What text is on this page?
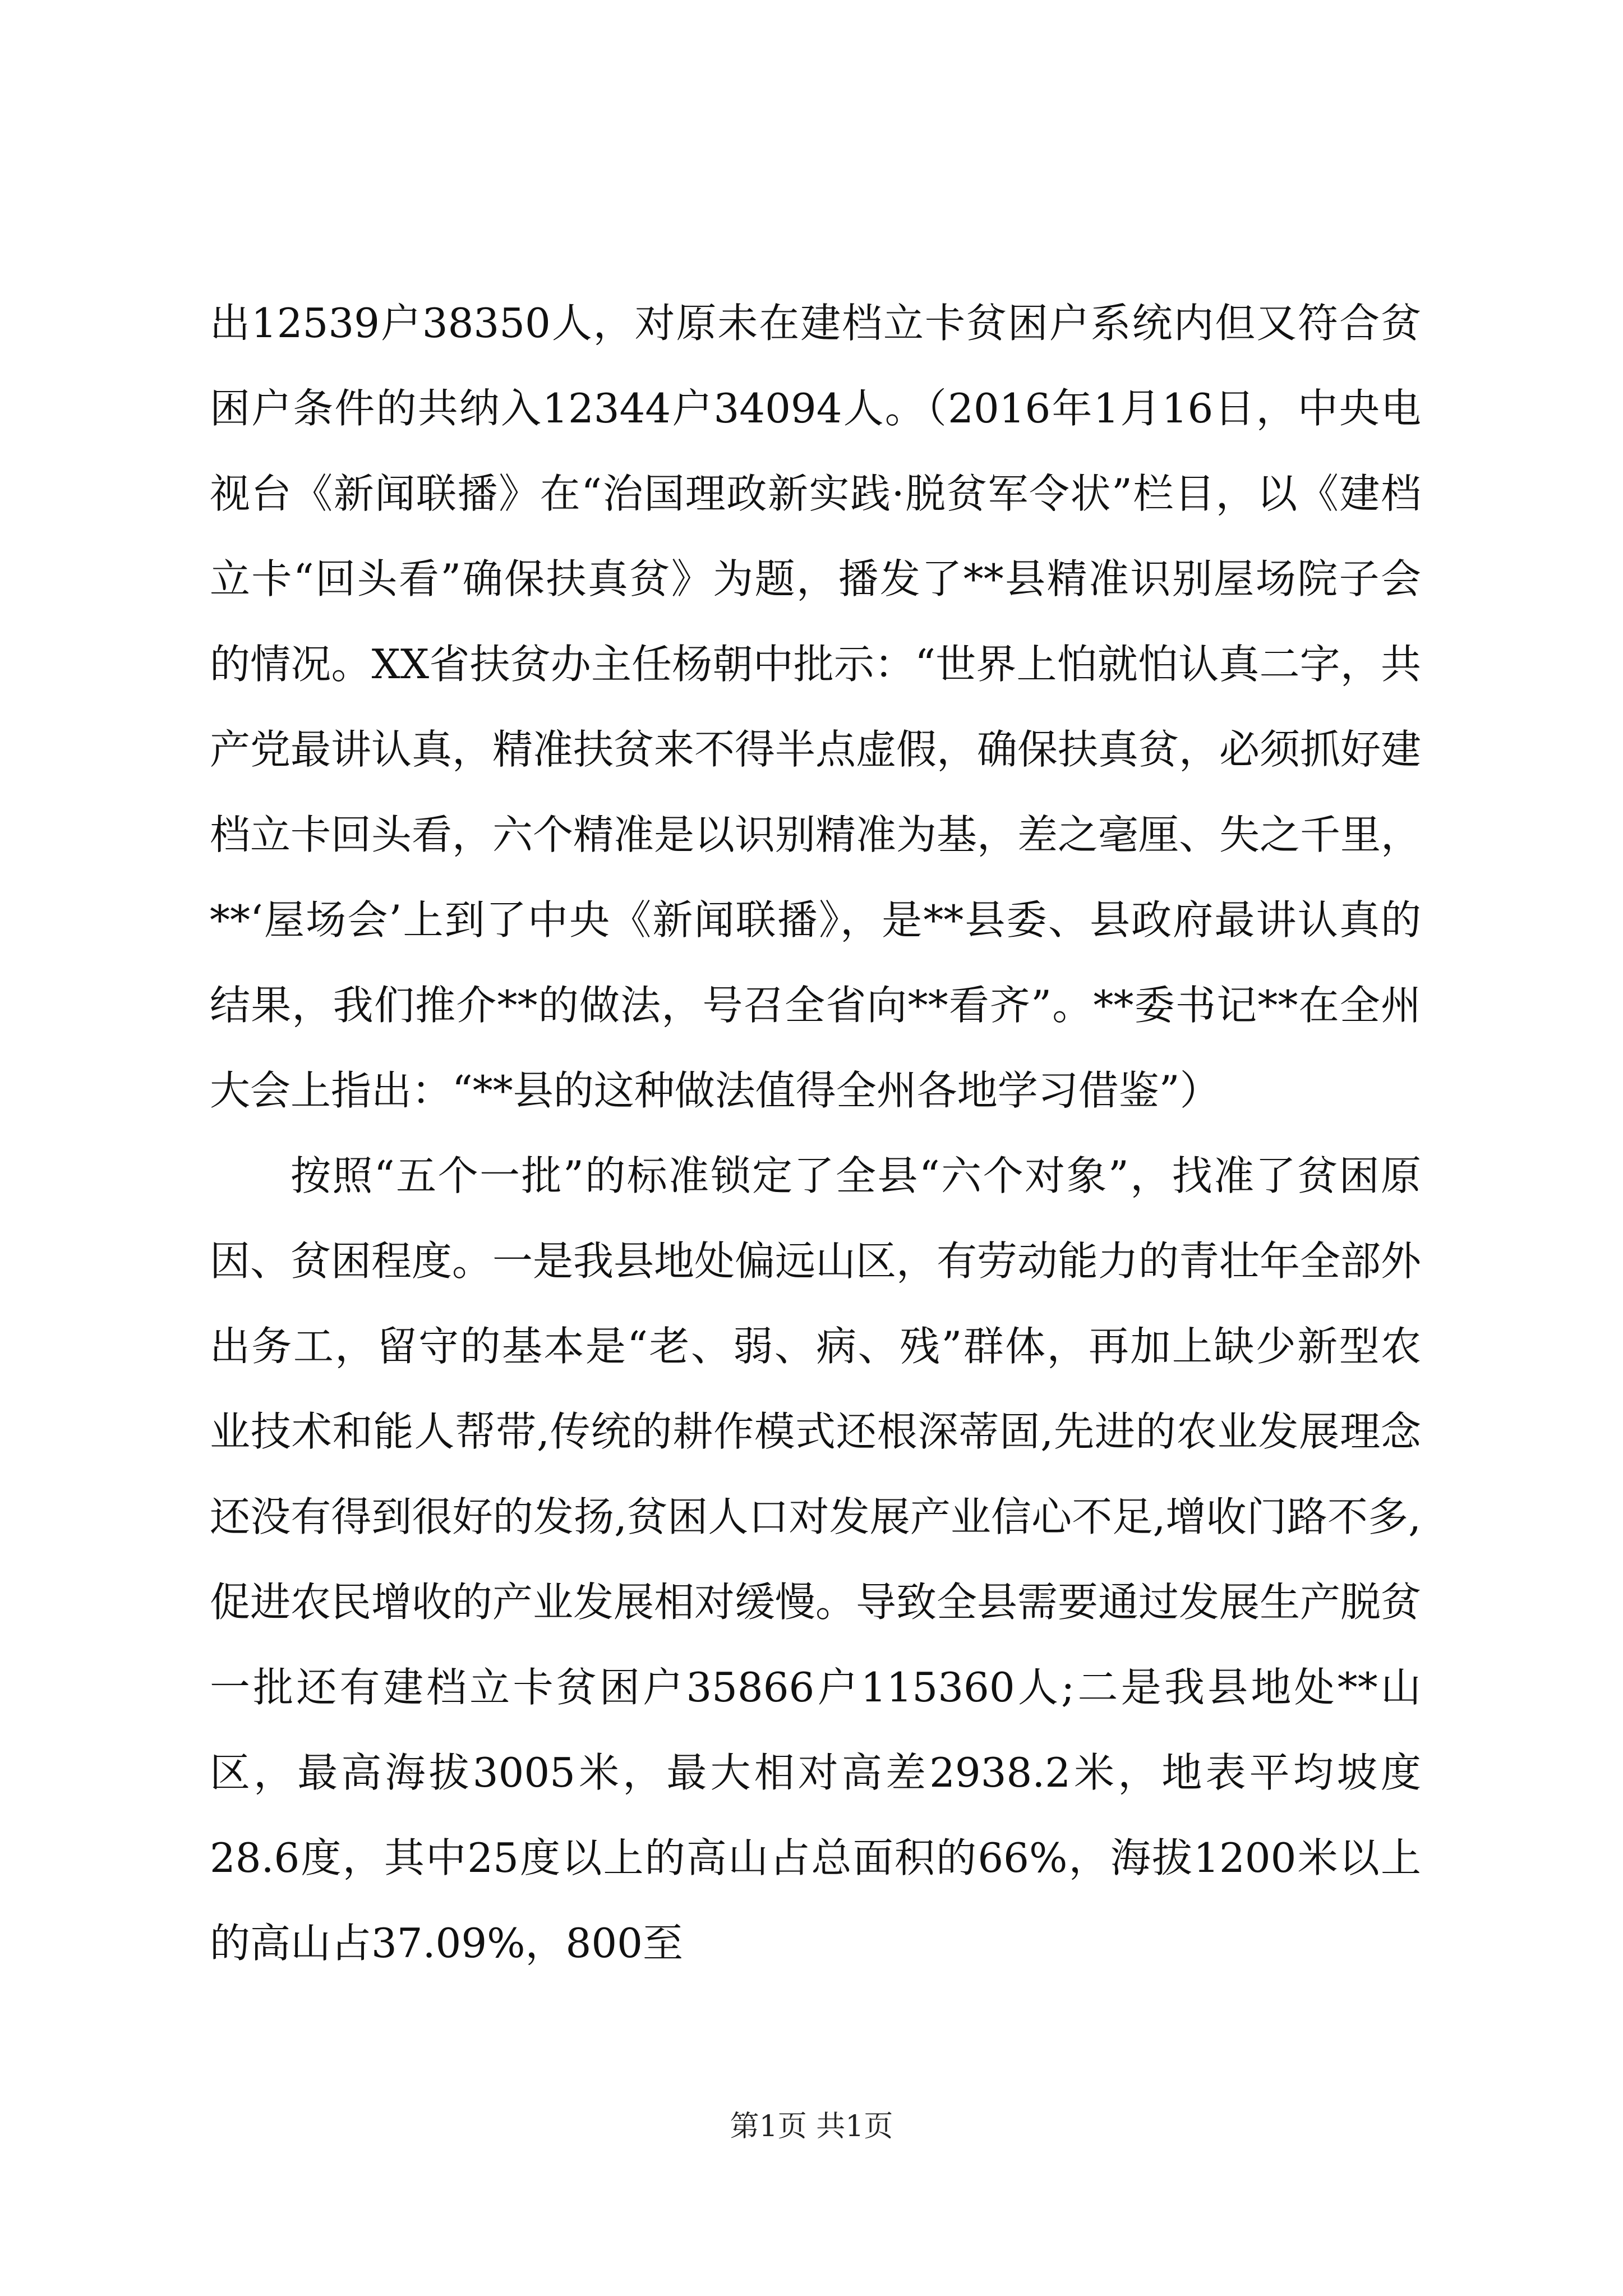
出12539户38350人，对原未在建档立卡贫困户系统内但又符合贫困户条件的共纳入12344户34094人。（2016年1月16日，中央电视台《新闻联播》在“治国理政新实践·脱贫军令状”栏目，以《建档立卡“回头看”确保扶真贫》为题，播发了**县精准识别屋场院子会的情况。XX省扶贫办主任杨朝中批示：“世界上怕就怕认真二字，共产党最讲认真，精准扶贫来不得半点虚假，确保扶真贫，必须抓好建档立卡回头看，六个精准是以识别精准为基，差之毫厘、失之千里，**‘屋场会’上到了中央《新闻联播》，是**县委、县政府最讲认真的结果，我们推介**的做法，号召全省向**看齐”。**委书记**在全州大会上指出：“**县的这种做法值得全州各地学习借鉴”）

按照“五个一批”的标准锁定了全县“六个对象”，找准了贫困原因、贫困程度。一是我县地处偏远山区，有劳动能力的青壮年全部外出务工，留守的基本是“老、弱、病、残”群体，再加上缺少新型农业技术和能人帮带,传统的耕作模式还根深蒂固,先进的农业发展理念还没有得到很好的发扬,贫困人口对发展产业信心不足,增收门路不多,促进农民增收的产业发展相对缓慢。导致全县需要通过发展生产脱贫一批还有建档立卡贫困户35866户115360人;二是我县地处**山区，最高海拔3005米，最大相对高差2938.2米，地表平均坡度28.6度，其中25度以上的高山占总面积的66%，海拔1200米以上的高山占37.09%，800至

第1页 共1页
